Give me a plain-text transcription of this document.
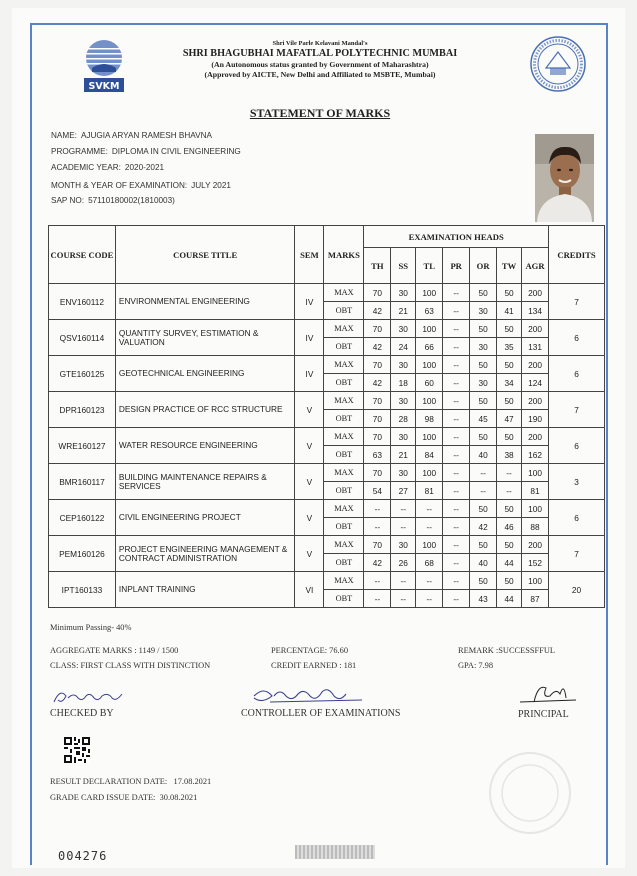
SVKM
Shri Vile Parle Kelavani Mandal's
SHRI BHAGUBHAI MAFATLAL POLYTECHNIC MUMBAI
(An Autonomous status granted by Government of Maharashtra)
(Approved by AICTE, New Delhi and Affiliated to MSBTE, Mumbai)
STATEMENT OF MARKS
NAME: AJUGIA ARYAN RAMESH BHAVNA
PROGRAMME: DIPLOMA IN CIVIL ENGINEERING
ACADEMIC YEAR: 2020-2021
MONTH & YEAR OF EXAMINATION: JULY 2021
SAP NO: 57110180002(1810003)
COURSE CODE	COURSE TITLE	SEM	MARKS	EXAMINATION HEADS							CREDITS
				TH	SS	TL	PR	OR	TW	AGR	
ENV160112	ENVIRONMENTAL ENGINEERING	IV	MAX	70	30	100	--	50	50	200	7
			OBT	42	21	63	--	30	41	134	
QSV160114	QUANTITY SURVEY, ESTIMATION & VALUATION	IV	MAX	70	30	100	--	50	50	200	6
			OBT	42	24	66	--	30	35	131	
GTE160125	GEOTECHNICAL ENGINEERING	IV	MAX	70	30	100	--	50	50	200	6
			OBT	42	18	60	--	30	34	124	
DPR160123	DESIGN PRACTICE OF RCC STRUCTURE	V	MAX	70	30	100	--	50	50	200	7
			OBT	70	28	98	--	45	47	190	
WRE160127	WATER RESOURCE ENGINEERING	V	MAX	70	30	100	--	50	50	200	6
			OBT	63	21	84	--	40	38	162	
BMR160117	BUILDING MAINTENANCE REPAIRS & SERVICES	V	MAX	70	30	100	--	--	--	100	3
			OBT	54	27	81	--	--	--	81	
CEP160122	CIVIL ENGINEERING PROJECT	V	MAX	--	--	--	--	50	50	100	6
			OBT	--	--	--	--	42	46	88	
PEM160126	PROJECT ENGINEERING MANAGEMENT & CONTRACT ADMINISTRATION	V	MAX	70	30	100	--	50	50	200	7
			OBT	42	26	68	--	40	44	152	
IPT160133	INPLANT TRAINING	VI	MAX	--	--	--	--	50	50	100	20
			OBT	--	--	--	--	43	44	87	
Minimum Passing- 40%
AGGREGATE MARKS : 1149 / 1500	PERCENTAGE: 76.60	REMARK :SUCCESSFFUL
CLASS: FIRST CLASS WITH DISTINCTION	CREDIT EARNED : 181	GPA: 7.98
CHECKED BY	CONTROLLER OF EXAMINATIONS	PRINCIPAL
RESULT DECLARATION DATE: 17.08.2021
GRADE CARD ISSUE DATE: 30.08.2021
004276
